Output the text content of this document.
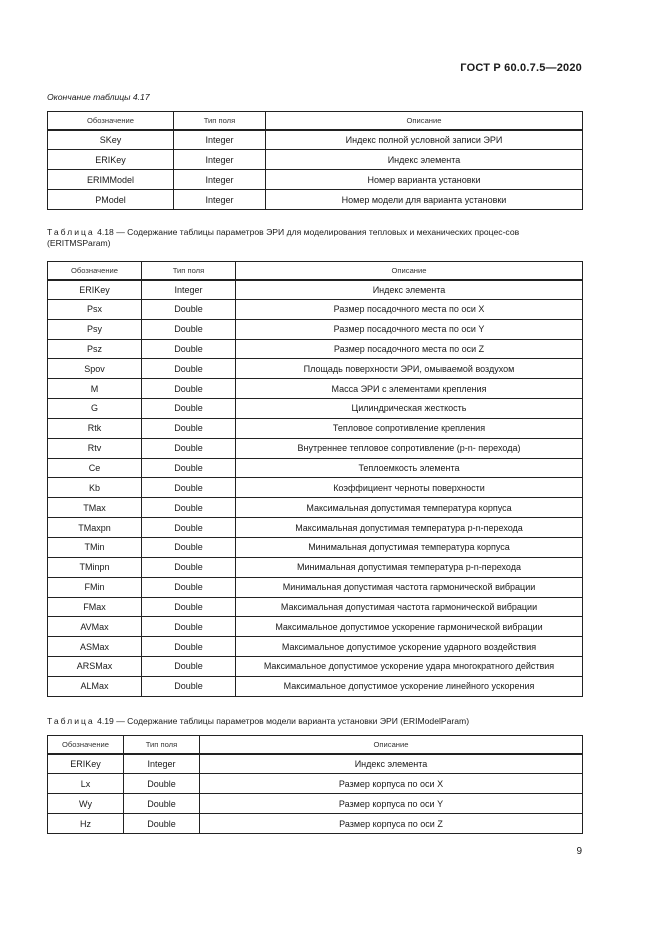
ГОСТ Р 60.0.7.5—2020
Окончание таблицы 4.17
Обозначение	Тип поля	Описание
SKey	Integer	Индекс полной условной записи ЭРИ
ERIKey	Integer	Индекс элемента
ERIMModel	Integer	Номер варианта установки
PModel	Integer	Номер модели для варианта установки
Таблица 4.18 — Содержание таблицы параметров ЭРИ для моделирования тепловых и механических процес-сов (ERITMSParam)
Обозначение	Тип поля	Описание
ERIKey	Integer	Индекс элемента
Psx	Double	Размер посадочного места по оси X
Psy	Double	Размер посадочного места по оси Y
Psz	Double	Размер посадочного места по оси Z
Spov	Double	Площадь поверхности ЭРИ, омываемой воздухом
M	Double	Масса ЭРИ с элементами крепления
G	Double	Цилиндрическая жесткость
Rtk	Double	Тепловое сопротивление крепления
Rtv	Double	Внутреннее тепловое сопротивление (p-n- перехода)
Ce	Double	Теплоемкость элемента
Kb	Double	Коэффициент черноты поверхности
TMax	Double	Максимальная допустимая температура корпуса
TMaxpn	Double	Максимальная допустимая температура p-n-перехода
TMin	Double	Минимальная допустимая температура корпуса
TMinpn	Double	Минимальная допустимая температура p-n-перехода
FMin	Double	Минимальная допустимая частота гармонической вибрации
FMax	Double	Максимальная допустимая частота гармонической вибрации
AVMax	Double	Максимальное допустимое ускорение гармонической вибрации
ASMax	Double	Максимальное допустимое ускорение ударного воздействия
ARSMax	Double	Максимальное допустимое ускорение удара многократного действия
ALMax	Double	Максимальное допустимое ускорение линейного ускорения
Таблица 4.19 — Содержание таблицы параметров модели варианта установки ЭРИ (ERIModelParam)
Обозначение	Тип поля	Описание
ERIKey	Integer	Индекс элемента
Lx	Double	Размер корпуса по оси X
Wy	Double	Размер корпуса по оси Y
Hz	Double	Размер корпуса по оси Z
9
